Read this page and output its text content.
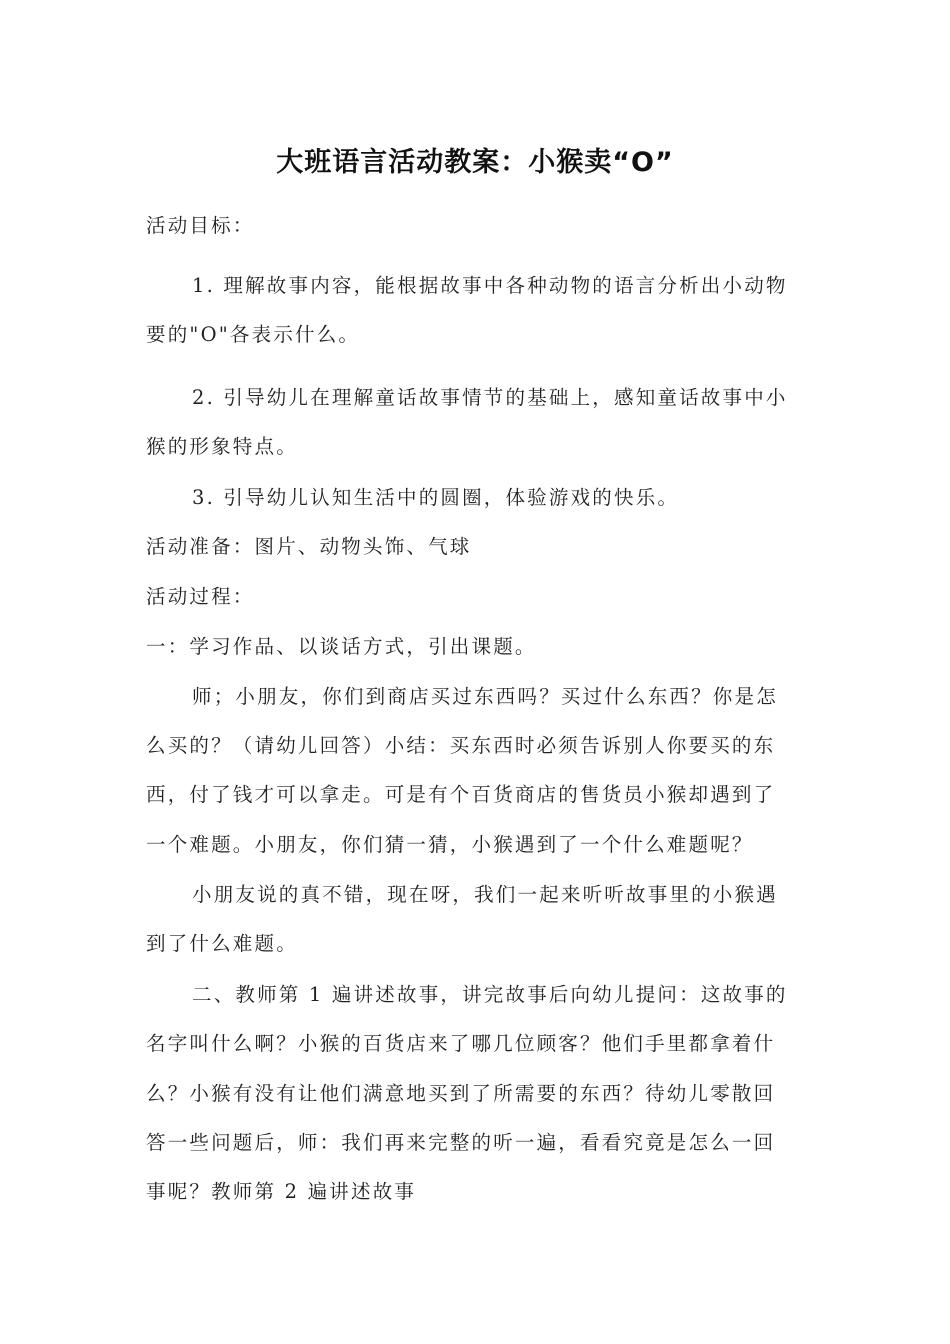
大班语言活动教案：小猴卖“O”
活动目标：
1. 理解故事内容，能根据故事中各种动物的语言分析出小动物
要的"O"各表示什么。
2. 引导幼儿在理解童话故事情节的基础上，感知童话故事中小
猴的形象特点。
3. 引导幼儿认知生活中的圆圈，体验游戏的快乐。
活动准备：图片、动物头饰、气球
活动过程：
一：学习作品、以谈话方式，引出课题。
师；小朋友，你们到商店买过东西吗？买过什么东西？你是怎
么买的？（请幼儿回答）小结：买东西时必须告诉别人你要买的东
西，付了钱才可以拿走。可是有个百货商店的售货员小猴却遇到了
一个难题。小朋友，你们猜一猜，小猴遇到了一个什么难题呢？
小朋友说的真不错，现在呀，我们一起来听听故事里的小猴遇
到了什么难题。
二、教师第 1 遍讲述故事，讲完故事后向幼儿提问：这故事的
名字叫什么啊？小猴的百货店来了哪几位顾客？他们手里都拿着什
么？小猴有没有让他们满意地买到了所需要的东西？待幼儿零散回
答一些问题后，师：我们再来完整的听一遍，看看究竟是怎么一回
事呢？教师第 2 遍讲述故事
